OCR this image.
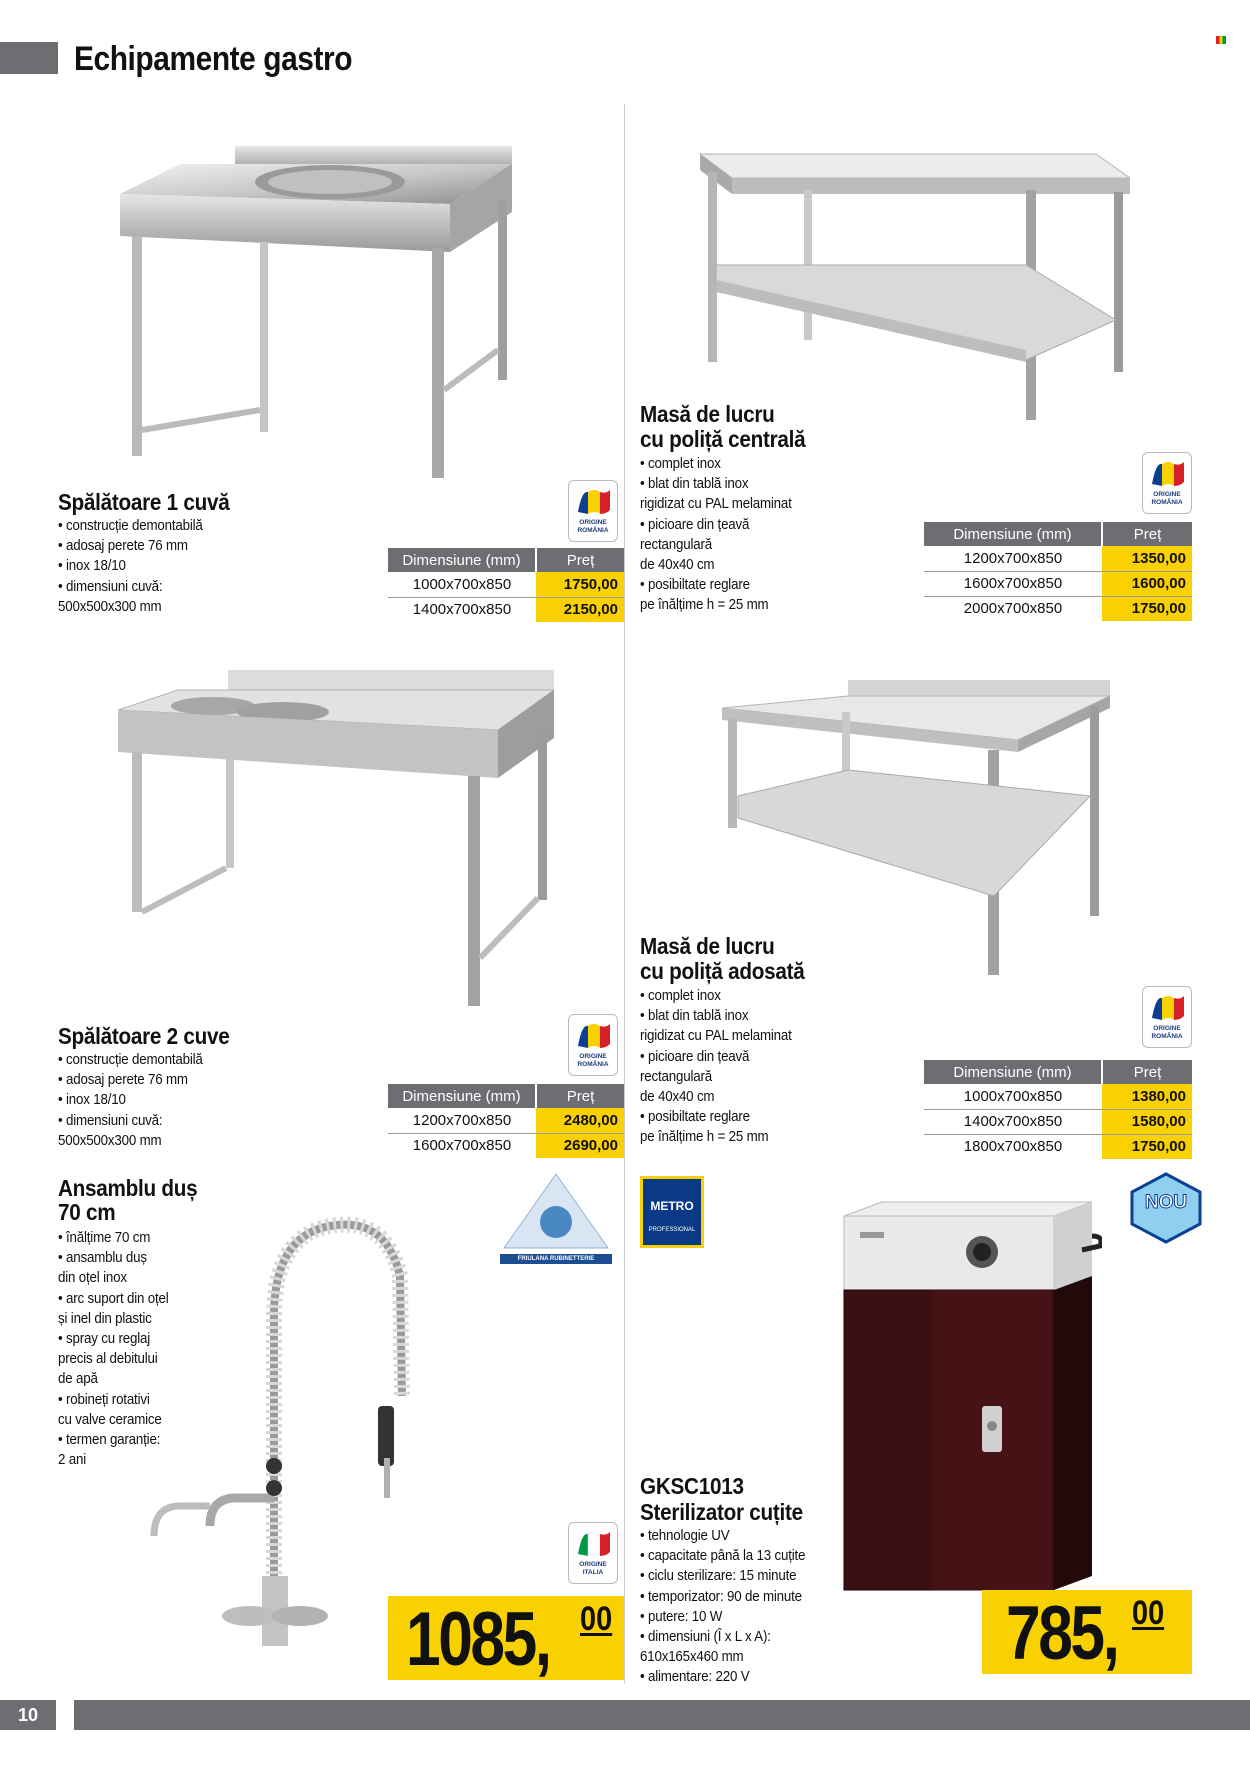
Echipamente gastro
Spălătoare 1 cuvă
• construcție demontabilă
• adosaj perete 76 mm
• inox 18/10
• dimensiuni cuvă:
500x500x300 mm
ORIGINE ROMÂNIA
Dimensiune (mm)	Preț
1000x700x850	1750,00
1400x700x850	2150,00
Masă de lucru
cu poliță centrală
• complet inox
• blat din tablă inox
rigidizat cu PAL melaminat
• picioare din țeavă
rectangulară
de 40x40 cm
• posibiltate reglare
pe înălțime h = 25 mm
ORIGINE ROMÂNIA
Dimensiune (mm)	Preț
1200x700x850	1350,00
1600x700x850	1600,00
2000x700x850	1750,00
Spălătoare 2 cuve
• construcție demontabilă
• adosaj perete 76 mm
• inox 18/10
• dimensiuni cuvă:
500x500x300 mm
ORIGINE ROMÂNIA
Dimensiune (mm)	Preț
1200x700x850	2480,00
1600x700x850	2690,00
Masă de lucru
cu poliță adosată
• complet inox
• blat din tablă inox
rigidizat cu PAL melaminat
• picioare din țeavă
rectangulară
de 40x40 cm
• posibiltate reglare
pe înălțime h = 25 mm
ORIGINE ROMÂNIA
Dimensiune (mm)	Preț
1000x700x850	1380,00
1400x700x850	1580,00
1800x700x850	1750,00
Ansamblu duș
70 cm
• înălțime 70 cm
• ansamblu duș
din oțel inox
• arc suport din oțel
și inel din plastic
• spray cu reglaj
precis al debitului
de apă
• robineți rotativi
cu valve ceramice
• termen garanție:
2 ani
FRIULANA RUBINETTERIE
ORIGINE ITALIA
1085, 00
METRO
PROFESSIONAL
NOU
GKSC1013
Sterilizator cuțite
• tehnologie UV
• capacitate până la 13 cuțite
• ciclu sterilizare: 15 minute
• temporizator: 90 de minute
• putere: 10 W
• dimensiuni (Î x L x A):
610x165x460 mm
• alimentare: 220 V
785, 00
10
